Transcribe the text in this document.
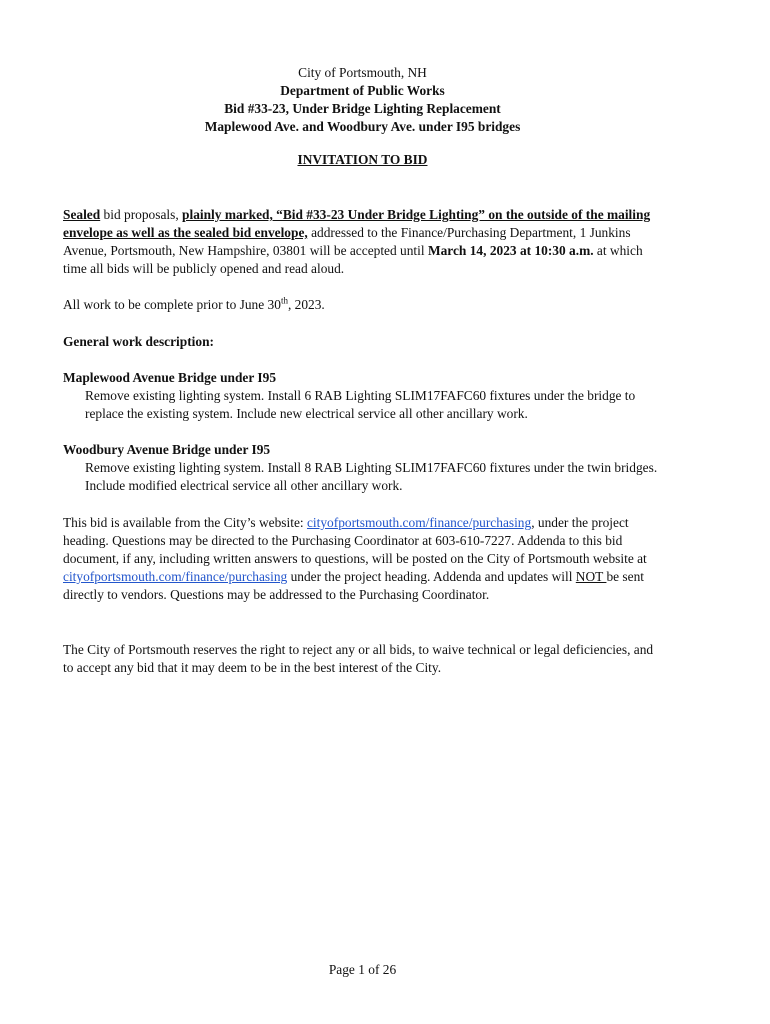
City of Portsmouth, NH
Department of Public Works
Bid #33-23, Under Bridge Lighting Replacement
Maplewood Ave. and Woodbury Ave. under I95 bridges
INVITATION TO BID
Sealed bid proposals, plainly marked, “Bid #33-23 Under Bridge Lighting” on the outside of the mailing envelope as well as the sealed bid envelope, addressed to the Finance/Purchasing Department, 1 Junkins Avenue, Portsmouth, New Hampshire, 03801 will be accepted until March 14, 2023 at 10:30 a.m. at which time all bids will be publicly opened and read aloud.
All work to be complete prior to June 30th, 2023.
General work description:
Maplewood Avenue Bridge under I95
Remove existing lighting system. Install 6 RAB Lighting SLIM17FAFC60 fixtures under the bridge to replace the existing system. Include new electrical service all other ancillary work.
Woodbury Avenue Bridge under I95
Remove existing lighting system. Install 8 RAB Lighting SLIM17FAFC60 fixtures under the twin bridges. Include modified electrical service all other ancillary work.
This bid is available from the City’s website: cityofportsmouth.com/finance/purchasing, under the project heading. Questions may be directed to the Purchasing Coordinator at 603-610-7227. Addenda to this bid document, if any, including written answers to questions, will be posted on the City of Portsmouth website at cityofportsmouth.com/finance/purchasing under the project heading. Addenda and updates will NOT be sent directly to vendors. Questions may be addressed to the Purchasing Coordinator.
The City of Portsmouth reserves the right to reject any or all bids, to waive technical or legal deficiencies, and to accept any bid that it may deem to be in the best interest of the City.
Page 1 of 26
